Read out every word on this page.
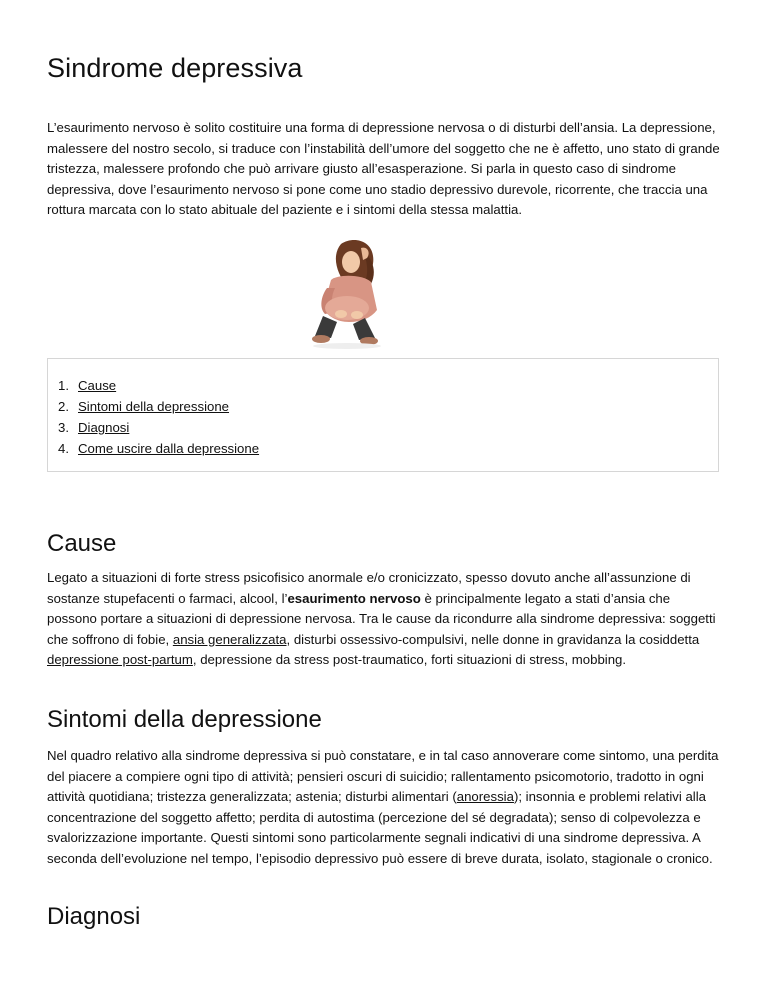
Sindrome depressiva

L’esaurimento nervoso è solito costituire una forma di depressione nervosa o di disturbi dell’ansia. La depressione, malessere del nostro secolo, si traduce con l’instabilità dell’umore del soggetto che ne è affetto, uno stato di grande tristezza, malessere profondo che può arrivare giusto all’esasperazione. Si parla in questo caso di sindrome depressiva, dove l’esaurimento nervoso si pone come uno stadio depressivo durevole, ricorrente, che traccia una rottura marcata con lo stato abituale del paziente e i sintomi della stessa malattia.

1. Cause
2. Sintomi della depressione
3. Diagnosi
4. Come uscire dalla depressione
Cause

Legato a situazioni di forte stress psicofisico anormale e/o cronicizzato, spesso dovuto anche all’assunzione di sostanze stupefacenti o farmaci, alcool, l’esaurimento nervoso è principalmente legato a stati d’ansia che possono portare a situazioni di depressione nervosa. Tra le cause da ricondurre alla sindrome depressiva: soggetti che soffrono di fobie, ansia generalizzata, disturbi ossessivo-compulsivi, nelle donne in gravidanza la cosiddetta depressione post-partum, depressione da stress post-traumatico, forti situazioni di stress, mobbing.

Sintomi della depressione

Nel quadro relativo alla sindrome depressiva si può constatare, e in tal caso annoverare come sintomo, una perdita del piacere a compiere ogni tipo di attività; pensieri oscuri di suicidio; rallentamento psicomotorio, tradotto in ogni attività quotidiana; tristezza generalizzata; astenia; disturbi alimentari (anoressia); insonnia e problemi relativi alla concentrazione del soggetto affetto; perdita di autostima (percezione del sé degradata); senso di colpevolezza e svalorizzazione importante. Questi sintomi sono particolarmente segnali indicativi di una sindrome depressiva. A seconda dell’evoluzione nel tempo, l’episodio depressivo può essere di breve durata, isolato, stagionale o cronico.

Diagnosi
